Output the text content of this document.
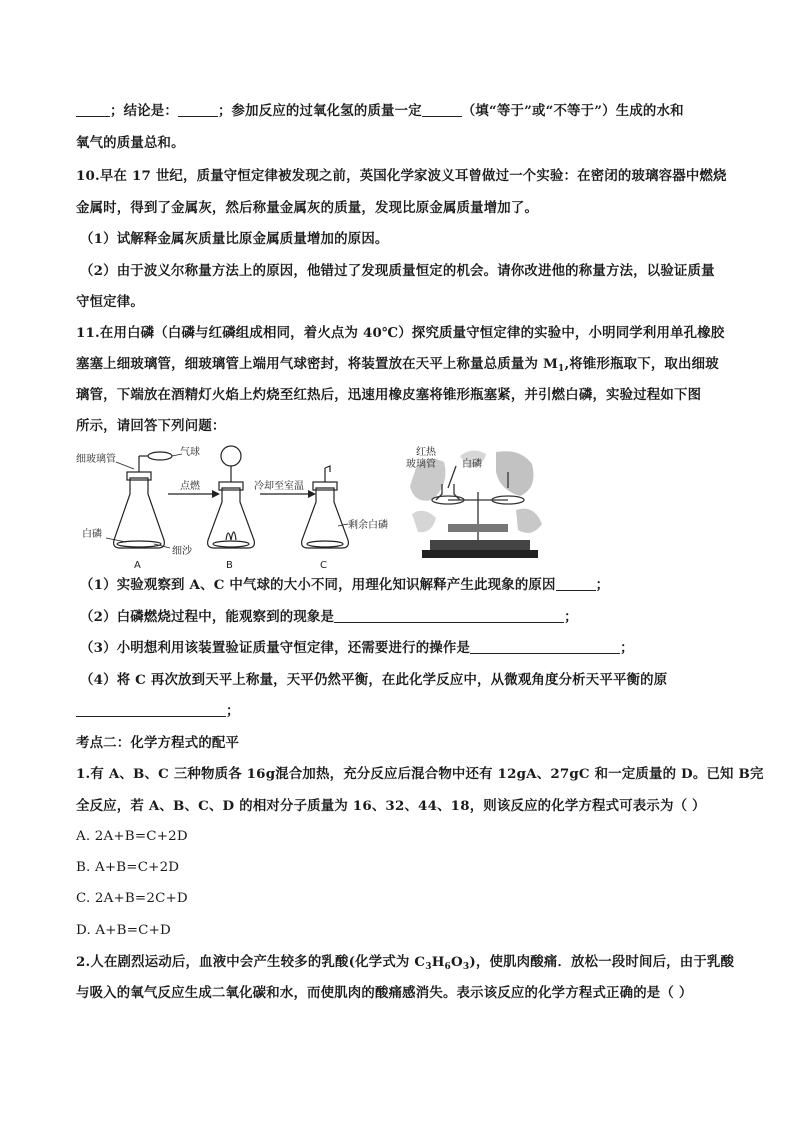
；结论是：	；参加反应的过氧化氢的质量一定	（填“等于”或“不等于”）生成的水和
氧气的质量总和。
10.早在 17 世纪，质量守恒定律被发现之前，英国化学家波义耳曾做过一个实验：在密闭的玻璃容器中燃烧
金属时，得到了金属灰，然后称量金属灰的质量，发现比原金属质量增加了。
（1）试解释金属灰质量比原金属质量增加的原因。
（2）由于波义尔称量方法上的原因，他错过了发现质量恒定的机会。请你改进他的称量方法，以验证质量
守恒定律。
11.在用白磷（白磷与红磷组成相同，着火点为 40℃）探究质量守恒定律的实验中，小明同学利用单孔橡胶
塞塞上细玻璃管，细玻璃管上端用气球密封，将装置放在天平上称量总质量为 $M_1$,将锥形瓶取下，取出细玻
璃管，下端放在酒精灯火焰上灼烧至红热后，迅速用橡皮塞将锥形瓶塞紧，并引燃白磷，实验过程如下图
所示，请回答下列问题：
细玻璃管
气球
白磷
细沙
A
点燃
B
冷却至室温
剩余白磷
C
红热
玻璃管	白磷
（1）实验观察到 A、C 中气球的大小不同，用理化知识解释产生此现象的原因	；
（2）白磷燃烧过程中，能观察到的现象是	；
（3）小明想利用该装置验证质量守恒定律，还需要进行的操作是	；
（4）将 C 再次放到天平上称量，天平仍然平衡，在此化学反应中，从微观角度分析天平平衡的原
；
考点二：化学方程式的配平
1.有 A、B、C 三种物质各 16g混合加热，充分反应后混合物中还有 12gA、27gC 和一定质量的 D。已知 B完
全反应，若 A、B、C、D 的相对分子质量为 16、32、44、18，则该反应的化学方程式可表示为（ ）
A. 2A+B=C+2D
B. A+B=C+2D
C. 2A+B=2C+D
D. A+B=C+D
2.人在剧烈运动后，血液中会产生较多的乳酸(化学式为 $C_3H_6O_3$)，使肌肉酸痛．放松一段时间后，由于乳酸
与吸入的氧气反应生成二氧化碳和水，而使肌肉的酸痛感消失。表示该反应的化学方程式正确的是（ ）
